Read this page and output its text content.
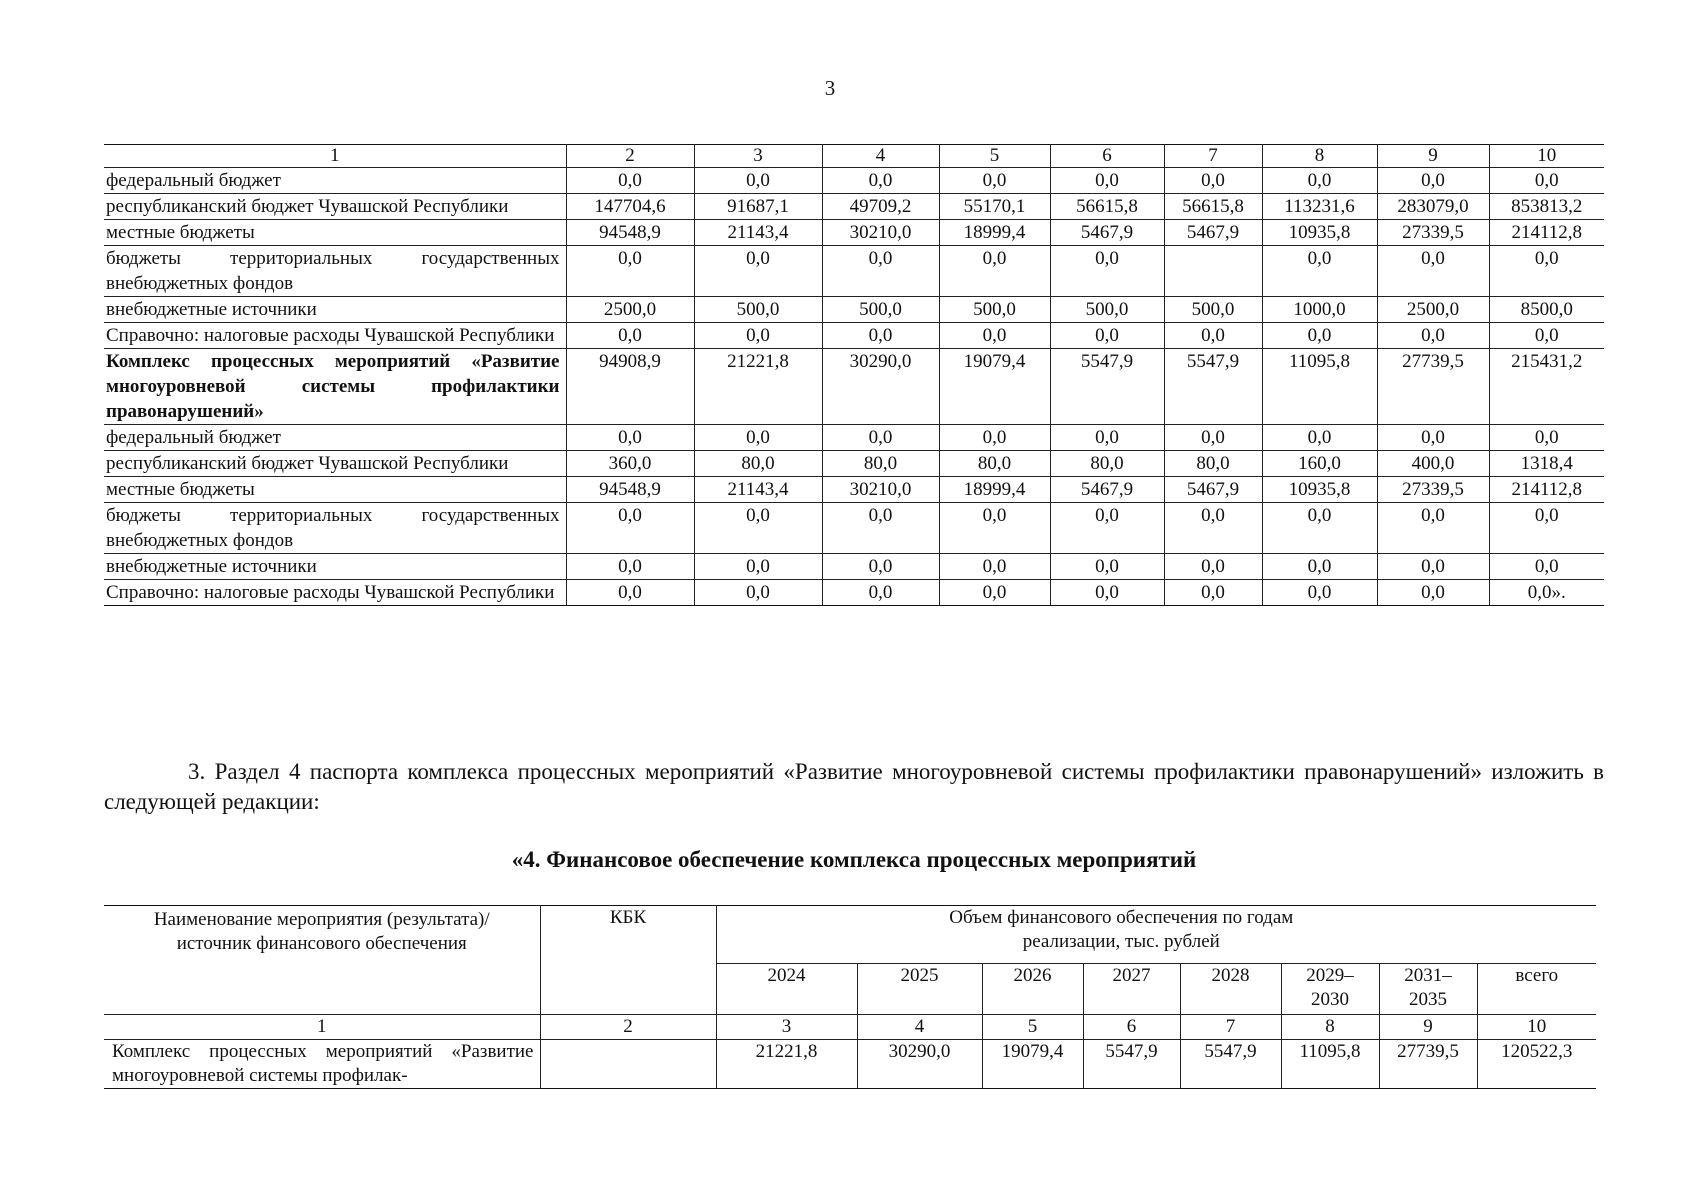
3
1	2	3	4	5	6	7	8	9	10
федеральный бюджет	0,0	0,0	0,0	0,0	0,0	0,0	0,0	0,0	0,0
республиканский бюджет Чувашской Республики	147704,6	91687,1	49709,2	55170,1	56615,8	56615,8	113231,6	283079,0	853813,2
местные бюджеты	94548,9	21143,4	30210,0	18999,4	5467,9	5467,9	10935,8	27339,5	214112,8
бюджеты территориальных государственных внебюджетных фондов	0,0	0,0	0,0	0,0	0,0		0,0	0,0	0,0
внебюджетные источники	2500,0	500,0	500,0	500,0	500,0	500,0	1000,0	2500,0	8500,0
Справочно: налоговые расходы Чувашской Республики	0,0	0,0	0,0	0,0	0,0	0,0	0,0	0,0	0,0
Комплекс процессных мероприятий «Развитие многоуровневой системы профилактики правонарушений»	94908,9	21221,8	30290,0	19079,4	5547,9	5547,9	11095,8	27739,5	215431,2
федеральный бюджет	0,0	0,0	0,0	0,0	0,0	0,0	0,0	0,0	0,0
республиканский бюджет Чувашской Республики	360,0	80,0	80,0	80,0	80,0	80,0	160,0	400,0	1318,4
местные бюджеты	94548,9	21143,4	30210,0	18999,4	5467,9	5467,9	10935,8	27339,5	214112,8
бюджеты территориальных государственных внебюджетных фондов	0,0	0,0	0,0	0,0	0,0	0,0	0,0	0,0	0,0
внебюджетные источники	0,0	0,0	0,0	0,0	0,0	0,0	0,0	0,0	0,0
Справочно: налоговые расходы Чувашской Республики	0,0	0,0	0,0	0,0	0,0	0,0	0,0	0,0	0,0».
3. Раздел 4 паспорта комплекса процессных мероприятий «Развитие многоуровневой системы профилактики правонарушений» изложить в следующей редакции:
«4. Финансовое обеспечение комплекса процессных мероприятий
Наименование мероприятия (результата)/ источник финансового обеспечения	КБК	Объем финансового обеспечения по годам реализации, тыс. рублей							
		2024	2025	2026	2027	2028	2029–2030	2031–2035	всего
1	2	3	4	5	6	7	8	9	10
Комплекс процессных мероприятий «Развитие многоуровневой системы профилак-		21221,8	30290,0	19079,4	5547,9	5547,9	11095,8	27739,5	120522,3
